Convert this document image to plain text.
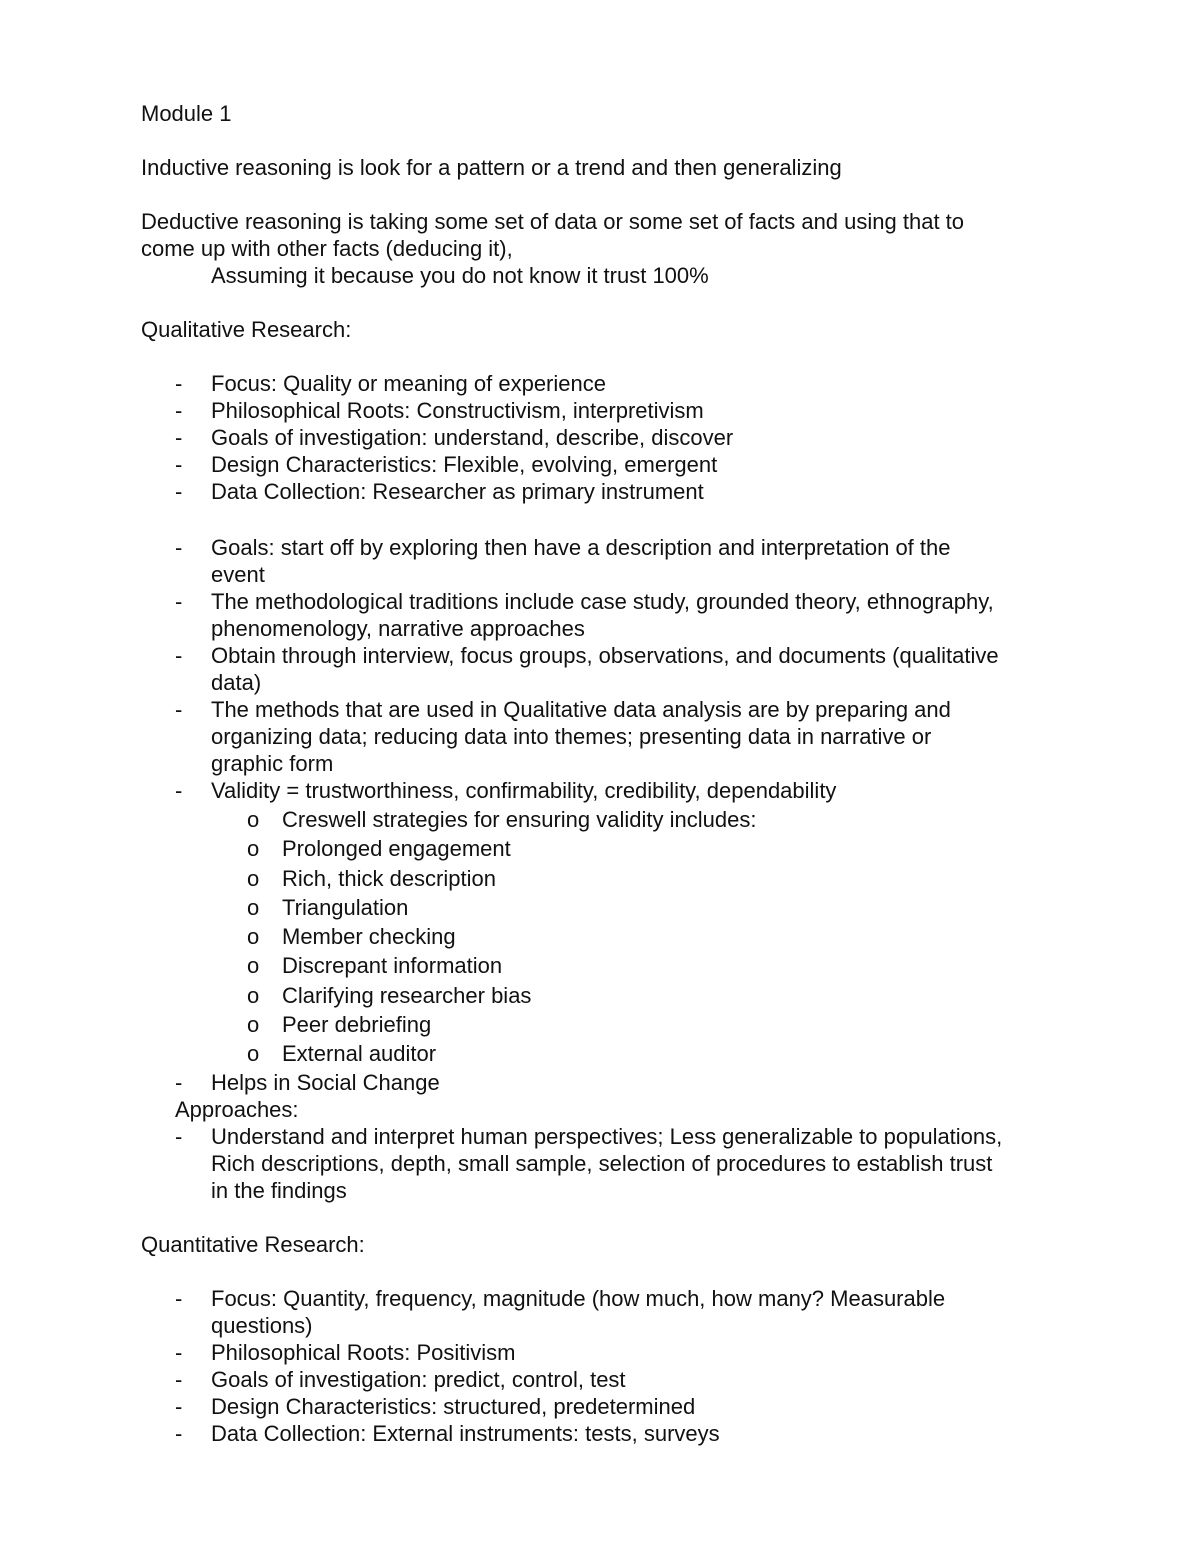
Module 1

Inductive reasoning is look for a pattern or a trend and then generalizing

Deductive reasoning is taking some set of data or some set of facts and using that to
come up with other facts (deducing it),
Assuming it because you do not know it trust 100%

Qualitative Research:

- Focus: Quality or meaning of experience
- Philosophical Roots: Constructivism, interpretivism
- Goals of investigation: understand, describe, discover
- Design Characteristics: Flexible, evolving, emergent
- Data Collection: Researcher as primary instrument
- Goals: start off by exploring then have a description and interpretation of the
event
- The methodological traditions include case study, grounded theory, ethnography,
phenomenology, narrative approaches
- Obtain through interview, focus groups, observations, and documents (qualitative
data)
- The methods that are used in Qualitative data analysis are by preparing and
organizing data; reducing data into themes; presenting data in narrative or
graphic form
- Validity = trustworthiness, confirmability, credibility, dependability
o Creswell strategies for ensuring validity includes:
o Prolonged engagement
o Rich, thick description
o Triangulation
o Member checking
o Discrepant information
o Clarifying researcher bias
o Peer debriefing
o External auditor
- Helps in Social Change
Approaches:
- Understand and interpret human perspectives; Less generalizable to populations,
Rich descriptions, depth, small sample, selection of procedures to establish trust
in the findings

Quantitative Research:

- Focus: Quantity, frequency, magnitude (how much, how many? Measurable
questions)
- Philosophical Roots: Positivism
- Goals of investigation: predict, control, test
- Design Characteristics: structured, predetermined
- Data Collection: External instruments: tests, surveys
